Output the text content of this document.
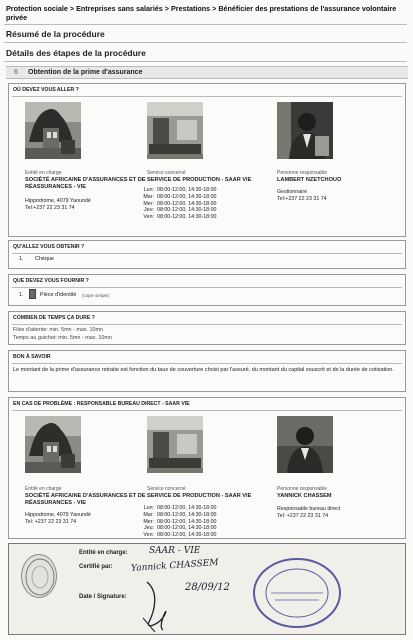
Protection sociale > Entreprises sans salariés > Prestations > Bénéficier des prestations de l'assurance volontaire privée
Résumé de la procédure
Détails des étapes de la procédure
6 Obtention de la prime d'assurance
OÙ DEVEZ VOUS ALLER ?
Entité en charge
SOCIÉTÉ AFRICAINE D'ASSURANCES ET DE RÉASSURANCES - VIE
Hippodrome, 4079 Yaoundé
Tel:+237 22 23 31 74
Service concerné
SERVICE DE PRODUCTION - SAAR VIE
Lun: 08:00-12:00, 14:30-18:00
Mar: 08:00-12:00, 14:30-18:00
Mer: 08:00-12:00, 14:30-18:00
Jeu: 08:00-12:00, 14:30-18:00
Ven: 08:00-12:00, 14:30-18:00
Personne responsable
LAMBERT NZETCHOUO
Gestionnaire
Tel:+237 22 23 31 74
QU'ALLEZ VOUS OBTENIR ?
1. Chèque
QUE DEVEZ VOUS FOURNIR ?
1.	Pièce d'identité (copie simple)
COMBIEN DE TEMPS ÇA DURE ?
Files d'attente: min. 5mn - max. 10mn
Temps au guichet: min. 5mn - max. 10mn
BON À SAVOIR
Le montant de la prime d'assurance retraite est fonction du taux de couverture choisi par l'assuré, du montant du capital souscrit et de la durée de cotisation.
EN CAS DE PROBLÈME : RESPONSABLE BUREAU DIRECT - SAAR VIE
Entité en charge
SOCIÉTÉ AFRICAINE D'ASSURANCES ET DE RÉASSURANCES - VIE
Hippodrome, 4079 Yaoundé
Tel: +237 22 23 31 74
Service concerné
SERVICE DE PRODUCTION - SAAR VIE
Lun: 08:00-12:00, 14:30-18:00
Mar: 08:00-12:00, 14:30-18:00
Mer: 08:00-12:00, 14:30-18:00
Jeu: 08:00-12:00, 14:30-18:00
Ven: 08:00-12:00, 14:30-18:00
Personne responsable
YANNICK CHASSEM
Responsable bureau direct
Tel: +237 22 23 31 74
Entité en charge: SAAR - VIE
Certifié par: Yannick CHASSEM
Date / Signature:
28/09/12
